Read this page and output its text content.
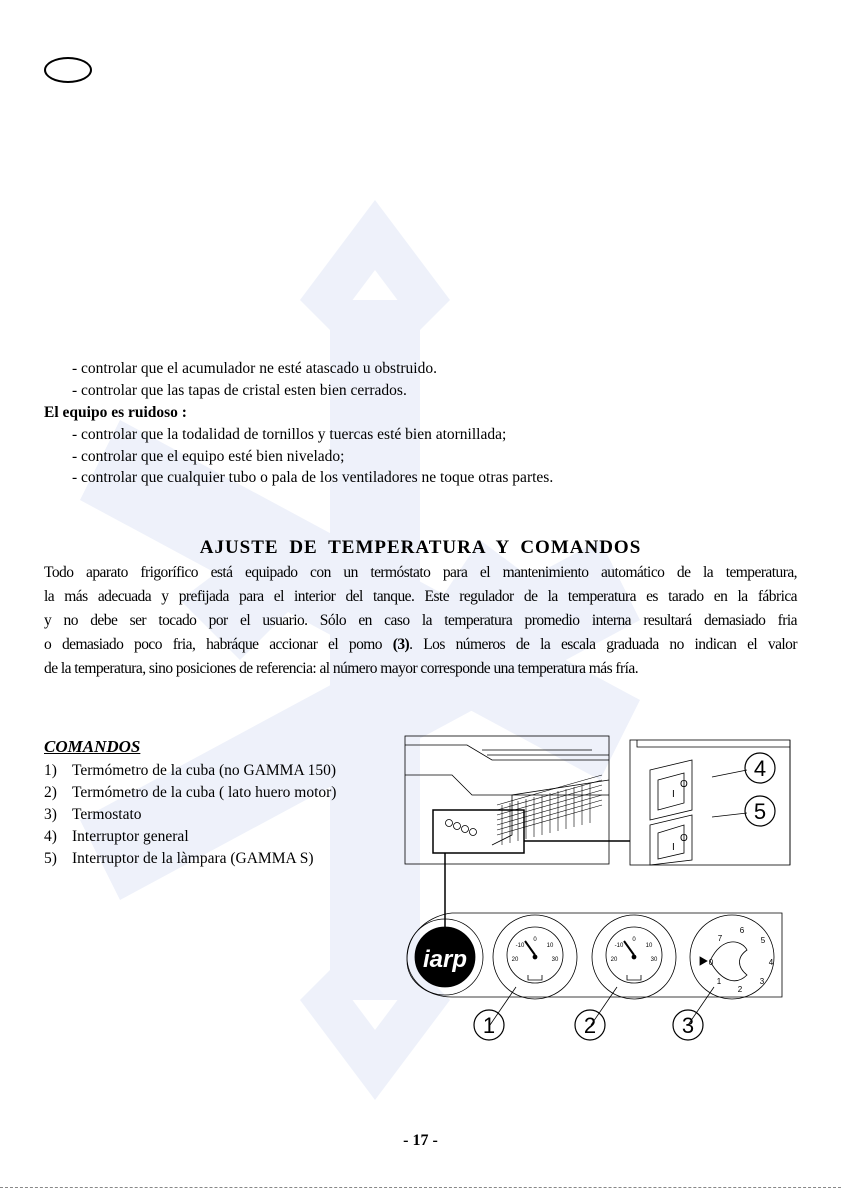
- controlar que el acumulador ne esté atascado u obstruido.
- controlar que las tapas de cristal esten bien cerrados.
El equipo es ruidoso :
- controlar que la todalidad de tornillos y tuercas esté bien atornillada;
- controlar que el equipo esté bien nivelado;
- controlar que cualquier tubo o pala de los ventiladores ne toque otras partes.
AJUSTE DE TEMPERATURA Y COMANDOS
Todo aparato frigorífico está equipado con un termóstato para el mantenimiento automático de la temperatura,
la más adecuada y prefijada para el interior del tanque. Este regulador de la temperatura es tarado en la fábrica
y no debe ser tocado por el usuario. Sólo en caso la temperatura promedio interna resultará demasiado fria
o demasiado poco fria, habráque accionar el pomo (3). Los números de la escala graduada no indican el valor
de la temperatura, sino posiciones de referencia: al número mayor corresponde una temperatura más fría.
COMANDOS
1) Termómetro de la cuba (no GAMMA 150)
2) Termómetro de la cuba ( lato huero motor)
3) Termostato
4) Interruptor general
5) Interruptor de la làmpara (GAMMA S)
I
O
I
O
4
5
iarp
0
-10	10
20	30
0
-10	10
20	30	0
1
2
3
4
5
6
7
1	2	3
- 17 -
